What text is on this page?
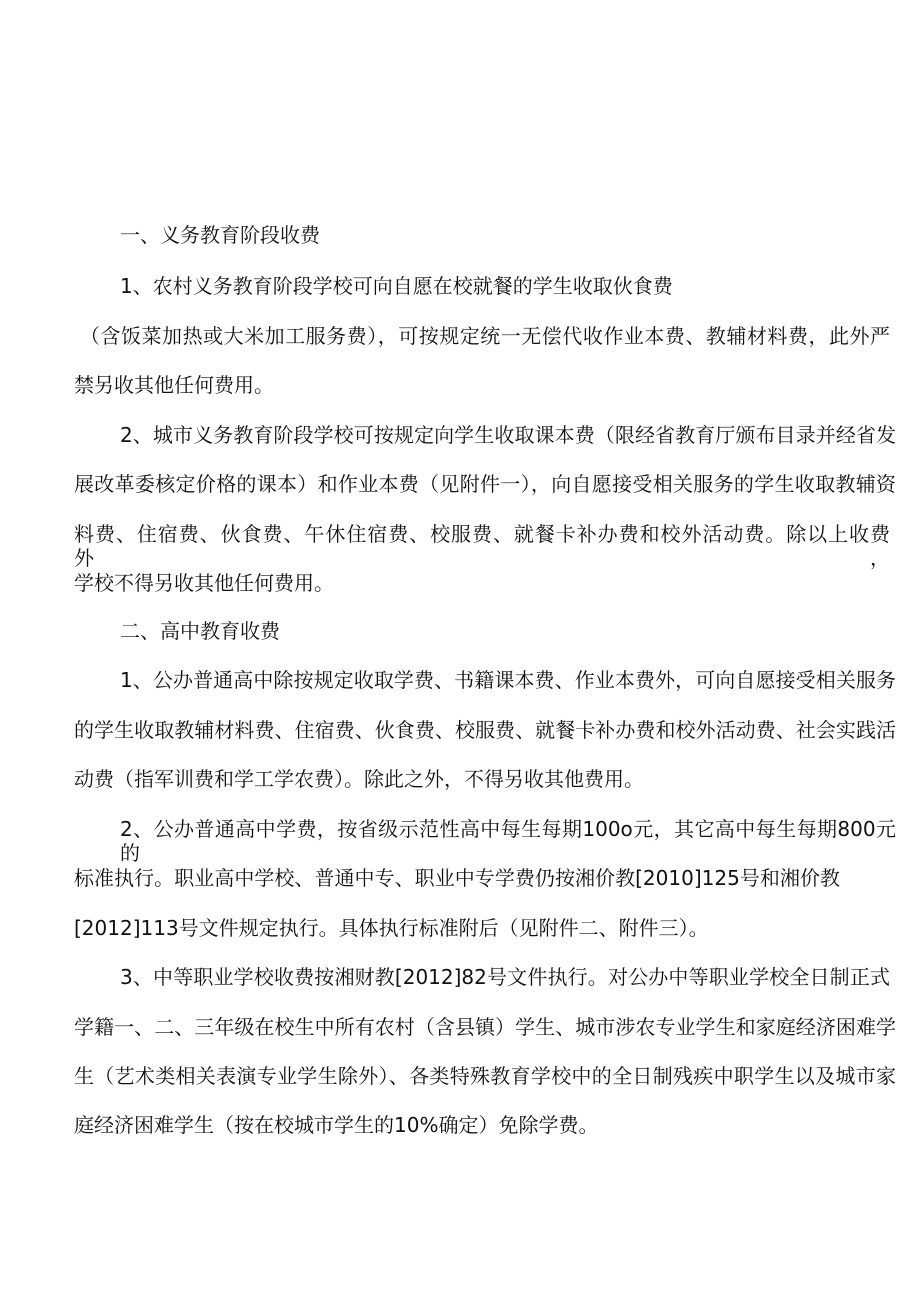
一、义务教育阶段收费
1、农村义务教育阶段学校可向自愿在校就餐的学生收取伙食费
（含饭菜加热或大米加工服务费），可按规定统一无偿代收作业本费、教辅材料费，此外严
禁另收其他任何费用。
2、城市义务教育阶段学校可按规定向学生收取课本费（限经省教育厅颁布目录并经省发
展改革委核定价格的课本）和作业本费（见附件一），向自愿接受相关服务的学生收取教辅资
料费、住宿费、伙食费、午休住宿费、校服费、就餐卡补办费和校外活动费。除以上收费外，
学校不得另收其他任何费用。
二、高中教育收费
1、公办普通高中除按规定收取学费、书籍课本费、作业本费外，可向自愿接受相关服务
的学生收取教辅材料费、住宿费、伙食费、校服费、就餐卡补办费和校外活动费、社会实践活
动费（指军训费和学工学农费）。除此之外，不得另收其他费用。
2、公办普通高中学费，按省级示范性高中每生每期100o元，其它高中每生每期800元的
标准执行。职业高中学校、普通中专、职业中专学费仍按湘价教[2010]125号和湘价教
[2012]113号文件规定执行。具体执行标准附后（见附件二、附件三）。
3、中等职业学校收费按湘财教[2012]82号文件执行。对公办中等职业学校全日制正式
学籍一、二、三年级在校生中所有农村（含县镇）学生、城市涉农专业学生和家庭经济困难学
生（艺术类相关表演专业学生除外）、各类特殊教育学校中的全日制残疾中职学生以及城市家
庭经济困难学生（按在校城市学生的10%确定）免除学费。
